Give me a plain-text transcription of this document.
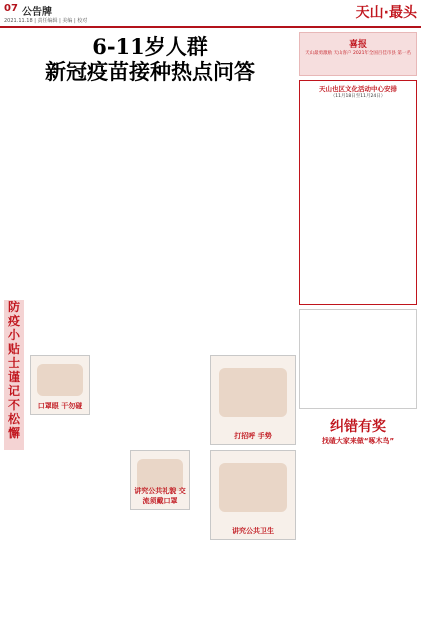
07 公告牌
2021.11.18 | 责任编辑 | 美编 | 校对	天山·最头
6-11岁人群
新冠疫苗接种热点问答
防疫小贴士 谨记不松懈
口罩眼 干勿碰
打招呼 手势
讲究公共礼貌 交流须戴口罩
讲究公共卫生
喜报
天山最勇激励 天山客户 2021年全国百佳市县 第一名
天山也区文化活动中心安排
（11月18日至11月24日）
纠错有奖
找碴大家来做“啄木鸟”
